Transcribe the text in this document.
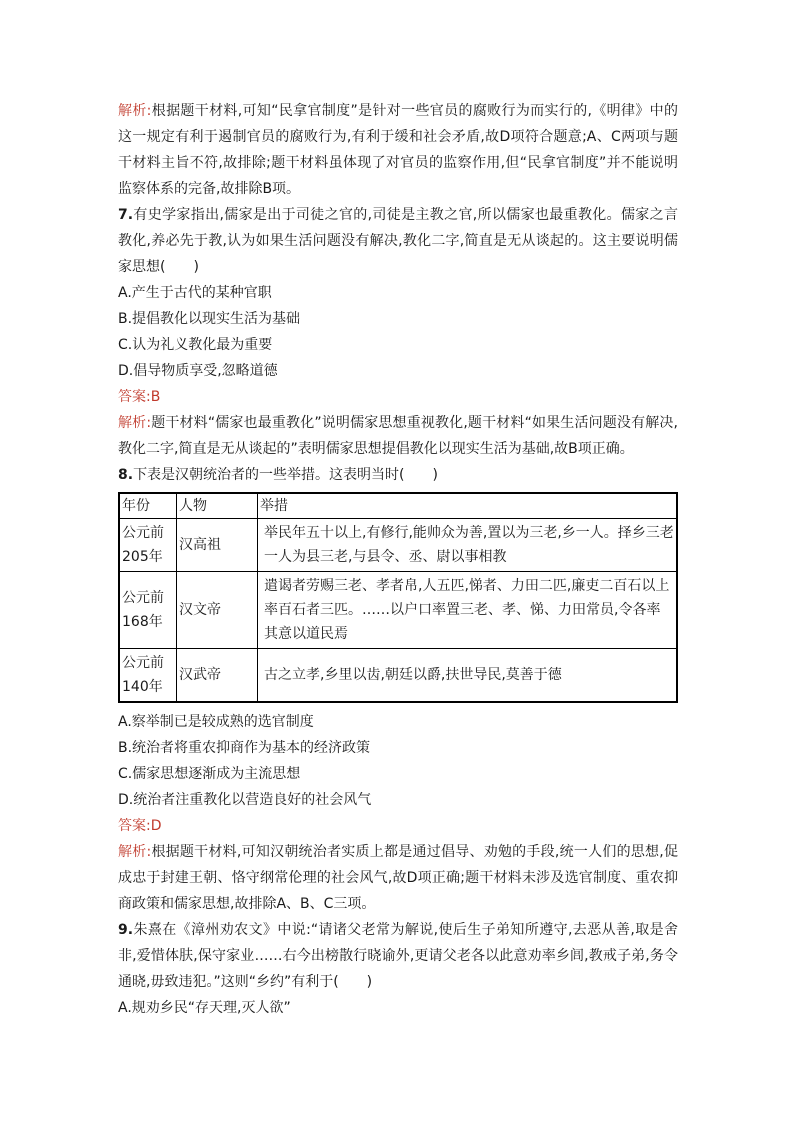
解析:根据题干材料,可知“民拿官制度”是针对一些官员的腐败行为而实行的,《明律》中的这一规定有利于遏制官员的腐败行为,有利于缓和社会矛盾,故D项符合题意;A、C两项与题干材料主旨不符,故排除;题干材料虽体现了对官员的监察作用,但“民拿官制度”并不能说明监察体系的完备,故排除B项。

7.有史学家指出,儒家是出于司徒之官的,司徒是主教之官,所以儒家也最重教化。儒家之言教化,养必先于教,认为如果生活问题没有解决,教化二字,简直是无从谈起的。这主要说明儒家思想(　　)

A.产生于古代的某种官职

B.提倡教化以现实生活为基础

C.认为礼义教化最为重要

D.倡导物质享受,忽略道德

答案:B

解析:题干材料“儒家也最重教化”说明儒家思想重视教化,题干材料“如果生活问题没有解决,教化二字,简直是无从谈起的”表明儒家思想提倡教化以现实生活为基础,故B项正确。

8.下表是汉朝统治者的一些举措。这表明当时(　　)

年份	人物	举措
公元前205年	汉高祖	举民年五十以上,有修行,能帅众为善,置以为三老,乡一人。择乡三老一人为县三老,与县令、丞、尉以事相教
公元前168年	汉文帝	遣谒者劳赐三老、孝者帛,人五匹,悌者、力田二匹,廉吏二百石以上率百石者三匹。……以户口率置三老、孝、悌、力田常员,令各率其意以道民焉
公元前140年	汉武帝	古之立孝,乡里以齿,朝廷以爵,扶世导民,莫善于德

A.察举制已是较成熟的选官制度

B.统治者将重农抑商作为基本的经济政策

C.儒家思想逐渐成为主流思想

D.统治者注重教化以营造良好的社会风气

答案:D

解析:根据题干材料,可知汉朝统治者实质上都是通过倡导、劝勉的手段,统一人们的思想,促成忠于封建王朝、恪守纲常伦理的社会风气,故D项正确;题干材料未涉及选官制度、重农抑商政策和儒家思想,故排除A、B、C三项。

9.朱熹在《漳州劝农文》中说:“请诸父老常为解说,使后生子弟知所遵守,去恶从善,取是舍非,爱惜体肤,保守家业……右今出榜散行晓谕外,更请父老各以此意劝率乡闾,教戒子弟,务令通晓,毋致违犯。”这则“乡约”有利于(　　)

A.规劝乡民“存天理,灭人欲”
